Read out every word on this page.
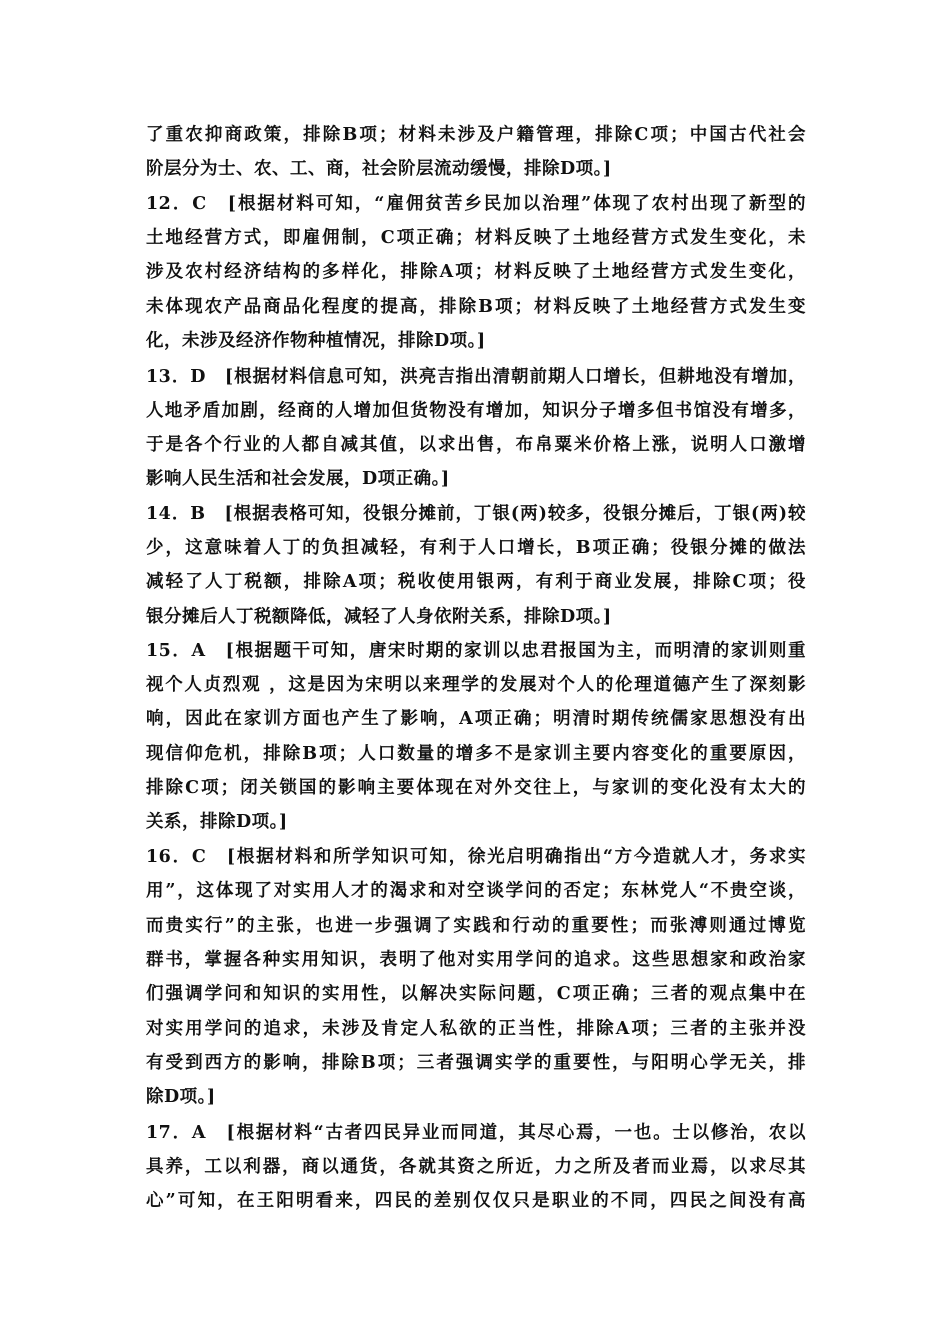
了重农抑商政策，排除B项；材料未涉及户籍管理，排除C项；中国古代社会
阶层分为士、农、工、商，社会阶层流动缓慢，排除D项。]
12．C　[根据材料可知，“雇佣贫苦乡民加以治理”体现了农村出现了新型的
土地经营方式，即雇佣制，C项正确；材料反映了土地经营方式发生变化，未
涉及农村经济结构的多样化，排除A项；材料反映了土地经营方式发生变化，
未体现农产品商品化程度的提高，排除B项；材料反映了土地经营方式发生变
化，未涉及经济作物种植情况，排除D项。]
13．D　[根据材料信息可知，洪亮吉指出清朝前期人口增长，但耕地没有增加，
人地矛盾加剧，经商的人增加但货物没有增加，知识分子增多但书馆没有增多，
于是各个行业的人都自减其值，以求出售，布帛粟米价格上涨，说明人口激增
影响人民生活和社会发展，D项正确。]
14．B　[根据表格可知，役银分摊前，丁银(两)较多，役银分摊后，丁银(两)较
少，这意味着人丁的负担减轻，有利于人口增长，B项正确；役银分摊的做法
减轻了人丁税额，排除A项；税收使用银两，有利于商业发展，排除C项；役
银分摊后人丁税额降低，减轻了人身依附关系，排除D项。]
15．A　[根据题干可知，唐宋时期的家训以忠君报国为主，而明清的家训则重
视个人贞烈观 ，这是因为宋明以来理学的发展对个人的伦理道德产生了深刻影
响，因此在家训方面也产生了影响，A项正确；明清时期传统儒家思想没有出
现信仰危机，排除B项；人口数量的增多不是家训主要内容变化的重要原因，
排除C项；闭关锁国的影响主要体现在对外交往上，与家训的变化没有太大的
关系，排除D项。]
16．C　[根据材料和所学知识可知，徐光启明确指出“方今造就人才，务求实
用”，这体现了对实用人才的渴求和对空谈学问的否定；东林党人“不贵空谈，
而贵实行”的主张，也进一步强调了实践和行动的重要性；而张溥则通过博览
群书，掌握各种实用知识，表明了他对实用学问的追求。这些思想家和政治家
们强调学问和知识的实用性，以解决实际问题，C项正确；三者的观点集中在
对实用学问的追求，未涉及肯定人私欲的正当性，排除A项；三者的主张并没
有受到西方的影响，排除B项；三者强调实学的重要性，与阳明心学无关，排
除D项。]
17．A　[根据材料“古者四民异业而同道，其尽心焉，一也。士以修治，农以
具养，工以利器，商以通货，各就其资之所近，力之所及者而业焉，以求尽其
心”可知，在王阳明看来，四民的差别仅仅只是职业的不同，四民之间没有高
